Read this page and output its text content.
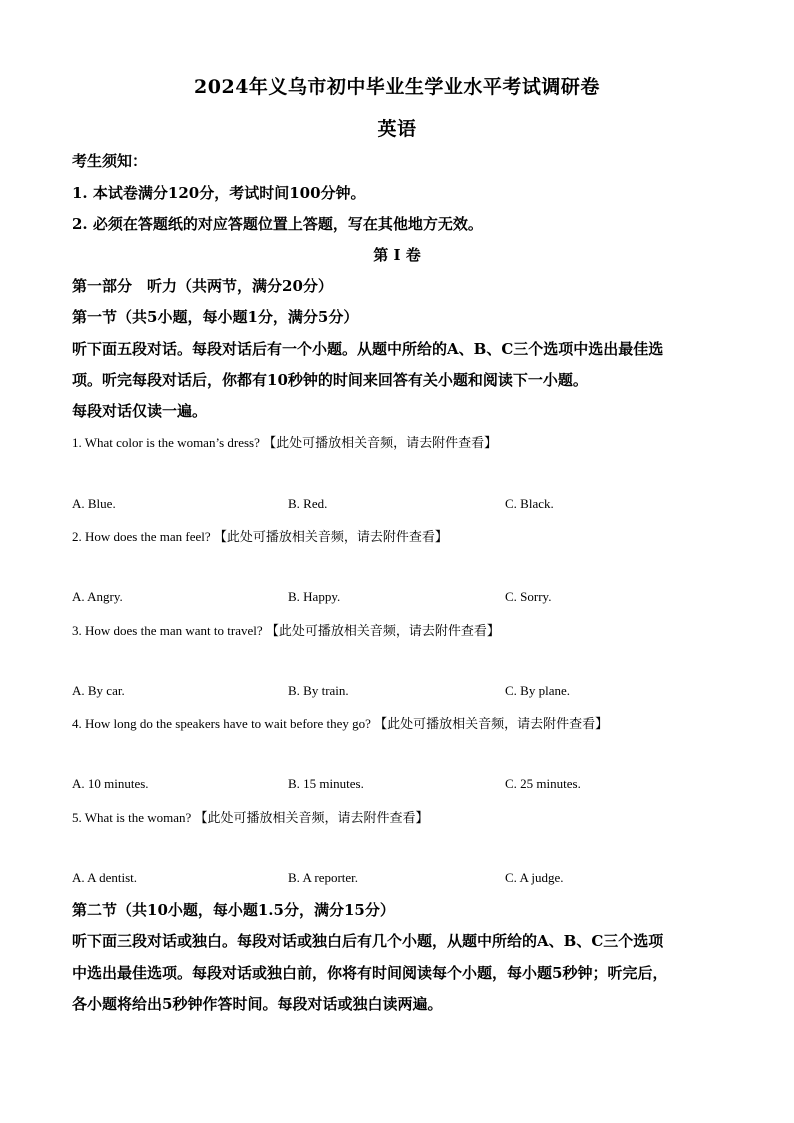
2024年义乌市初中毕业生学业水平考试调研卷
英语
考生须知：
1. 本试卷满分120分，考试时间100分钟。
2. 必须在答题纸的对应答题位置上答题，写在其他地方无效。
第 I 卷
第一部分　听力（共两节，满分20分）
第一节（共5小题，每小题1分，满分5分）
听下面五段对话。每段对话后有一个小题。从题中所给的A、B、C三个选项中选出最佳选
项。听完每段对话后，你都有10秒钟的时间来回答有关小题和阅读下一小题。
每段对话仅读一遍。
1. What color is the woman’s dress? 【此处可播放相关音频，请去附件查看】
A. Blue.	B. Red.	C. Black.
2. How does the man feel? 【此处可播放相关音频，请去附件查看】
A. Angry.	B. Happy.	C. Sorry.
3. How does the man want to travel? 【此处可播放相关音频，请去附件查看】
A. By car.	B. By train.	C. By plane.
4. How long do the speakers have to wait before they go? 【此处可播放相关音频，请去附件查看】
A. 10 minutes.	B. 15 minutes.	C. 25 minutes.
5. What is the woman? 【此处可播放相关音频，请去附件查看】
A. A dentist.	B. A reporter.	C. A judge.
第二节（共10小题，每小题1.5分，满分15分）
听下面三段对话或独白。每段对话或独白后有几个小题，从题中所给的A、B、C三个选项
中选出最佳选项。每段对话或独白前，你将有时间阅读每个小题，每小题5秒钟；听完后，
各小题将给出5秒钟作答时间。每段对话或独白读两遍。
